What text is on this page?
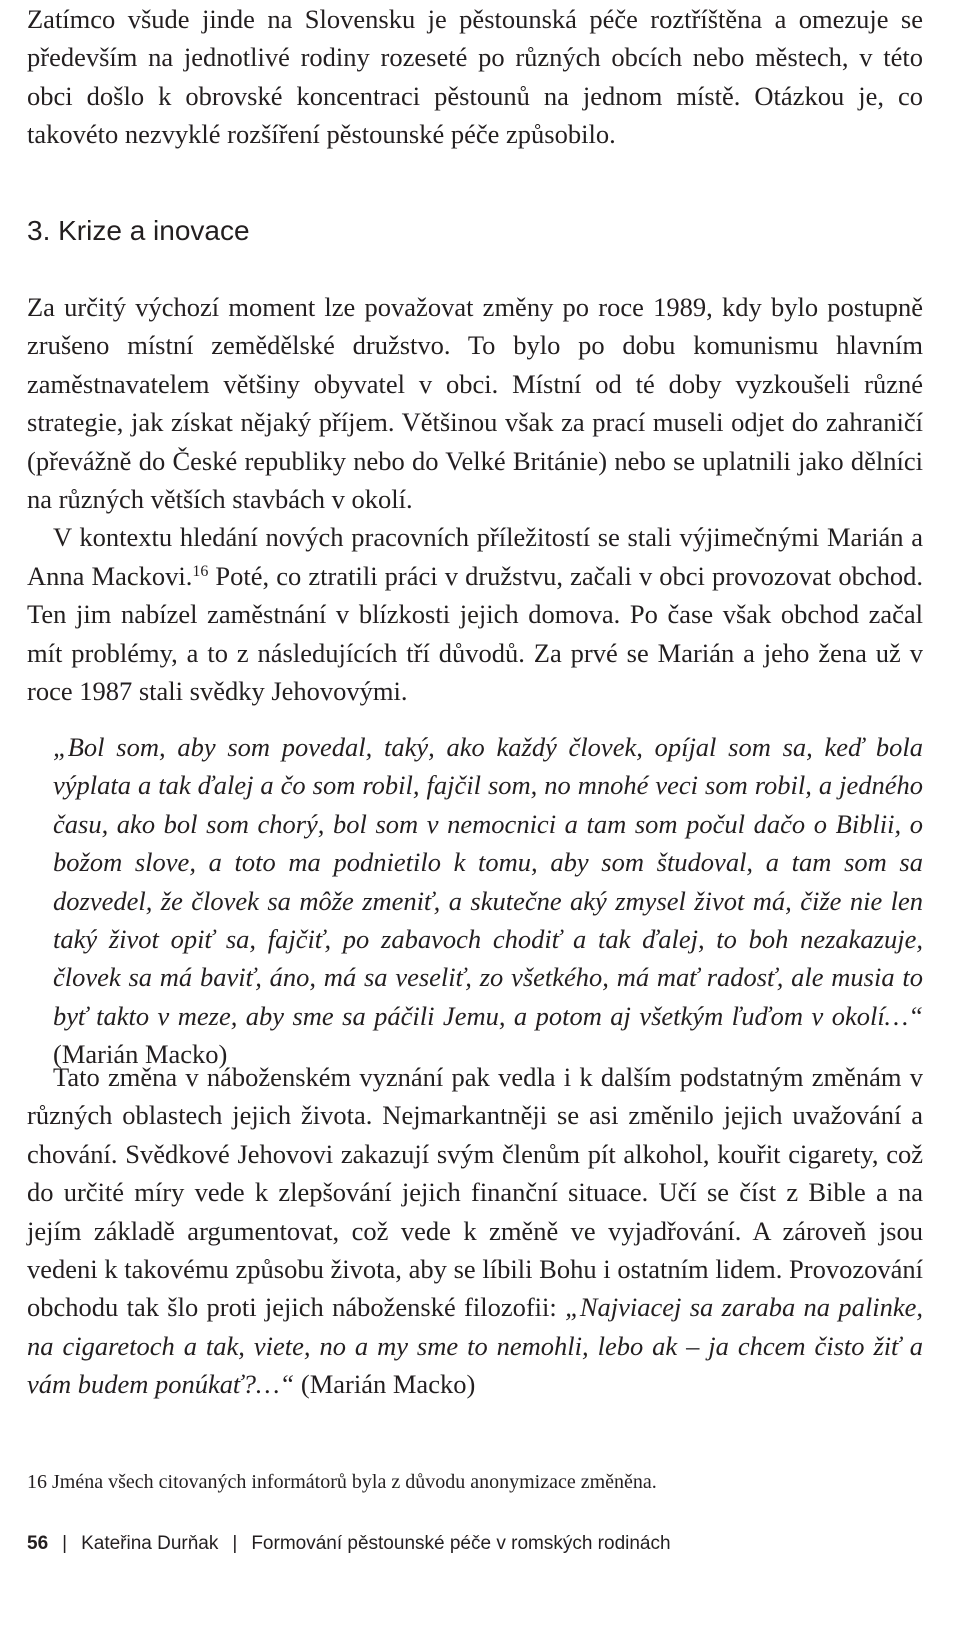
Zatímco všude jinde na Slovensku je pěstounská péče roztříštěna a omezuje se především na jednotlivé rodiny rozeseté po různých obcích nebo městech, v této obci došlo k obrovské koncentraci pěstounů na jednom místě. Otázkou je, co takovéto nezvyklé rozšíření pěstounské péče způsobilo.

3. Krize a inovace

Za určitý výchozí moment lze považovat změny po roce 1989, kdy bylo postupně zrušeno místní zemědělské družstvo. To bylo po dobu komunismu hlavním zaměstnavatelem většiny obyvatel v obci. Místní od té doby vyzkoušeli různé strategie, jak získat nějaký příjem. Většinou však za prací museli odjet do zahraničí (převážně do České republiky nebo do Velké Británie) nebo se uplatnili jako dělníci na různých větších stavbách v okolí.

V kontextu hledání nových pracovních příležitostí se stali výjimečnými Marián a Anna Mackovi.$^{16}$ Poté, co ztratili práci v družstvu, začali v obci provozovat obchod. Ten jim nabízel zaměstnání v blízkosti jejich domova. Po čase však obchod začal mít problémy, a to z následujících tří důvodů. Za prvé se Marián a jeho žena už v roce 1987 stali svědky Jehovovými.

„Bol som, aby som povedal, taký, ako každý človek, opíjal som sa, keď bola výplata a tak ďalej a čo som robil, fajčil som, no mnohé veci som robil, a jedného času, ako bol som chorý, bol som v nemocnici a tam som počul dačo o Biblii, o božom slove, a toto ma podnietilo k tomu, aby som študoval, a tam som sa dozvedel, že človek sa môže zmeniť, a skutečne aký zmysel život má, čiže nie len taký život opiť sa, fajčiť, po zabavoch chodiť a tak ďalej, to boh nezakazuje, človek sa má baviť, áno, má sa veseliť, zo všetkého, má mať radosť, ale musia to byť takto v meze, aby sme sa páčili Jemu, a potom aj všetkým ľuďom v okolí…“ (Marián Macko)

Tato změna v náboženském vyznání pak vedla i k dalším podstatným změnám v různých oblastech jejich života. Nejmarkantněji se asi změnilo jejich uvažování a chování. Svědkové Jehovovi zakazují svým členům pít alkohol, kouřit cigarety, což do určité míry vede k zlepšování jejich finanční situace. Učí se číst z Bible a na jejím základě argumentovat, což vede k změně ve vyjadřování. A zároveň jsou vedeni k takovému způsobu života, aby se líbili Bohu i ostatním lidem. Provozování obchodu tak šlo proti jejich náboženské filozofii: „Najviacej sa zaraba na palinke, na cigaretoch a tak, viete, no a my sme to nemohli, lebo ak – ja chcem čisto žiť a vám budem ponúkať?…“ (Marián Macko)

16 Jména všech citovaných informátorů byla z důvodu anonymizace změněna.

56 | Kateřina Durňak | Formování pěstounské péče v romských rodinách
